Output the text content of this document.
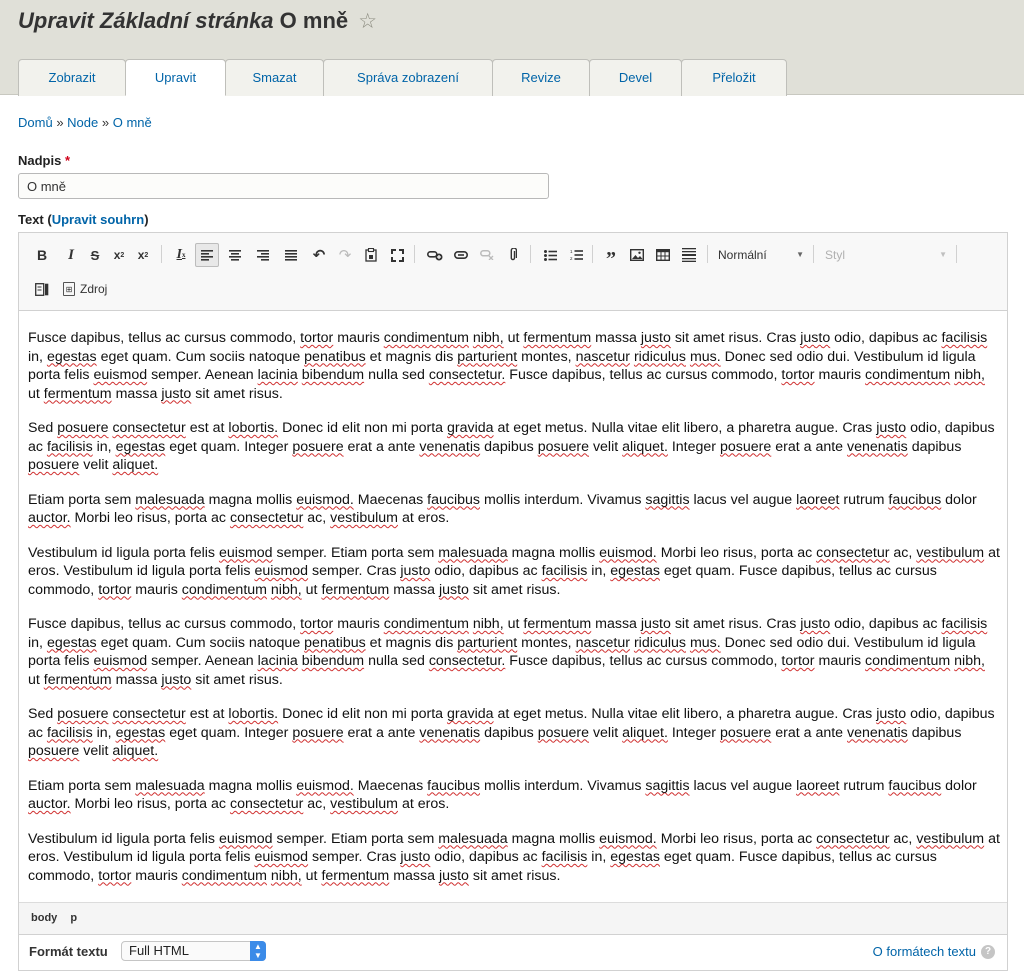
Upravit Základní stránka O mně ☆
Zobrazit	Upravit	Smazat	Správa zobrazení	Revize	Devel	Přeložit
Domů » Node » O mně
Nadpis *
O mně
Text (Upravit souhrn)
B	I	S	x 2	x 2	I x	↶ ↷	1
2 ”	Normální	▼	Styl	▼
⊞ Zdroj

Fusce dapibus, tellus ac cursus commodo, tortor mauris condimentum nibh, ut fermentum massa justo sit amet risus. Cras justo odio, dapibus ac facilisis in, egestas eget quam. Cum sociis natoque penatibus et magnis dis parturient montes, nascetur ridiculus mus. Donec sed odio dui. Vestibulum id ligula porta felis euismod semper. Aenean lacinia bibendum nulla sed consectetur. Fusce dapibus, tellus ac cursus commodo, tortor mauris condimentum nibh, ut fermentum massa justo sit amet risus.

Sed posuere consectetur est at lobortis. Donec id elit non mi porta gravida at eget metus. Nulla vitae elit libero, a pharetra augue. Cras justo odio, dapibus ac facilisis in, egestas eget quam. Integer posuere erat a ante venenatis dapibus posuere velit aliquet. Integer posuere erat a ante venenatis dapibus posuere velit aliquet.

Etiam porta sem malesuada magna mollis euismod. Maecenas faucibus mollis interdum. Vivamus sagittis lacus vel augue laoreet rutrum faucibus dolor auctor. Morbi leo risus, porta ac consectetur ac, vestibulum at eros.

Vestibulum id ligula porta felis euismod semper. Etiam porta sem malesuada magna mollis euismod. Morbi leo risus, porta ac consectetur ac, vestibulum at eros. Vestibulum id ligula porta felis euismod semper. Cras justo odio, dapibus ac facilisis in, egestas eget quam. Fusce dapibus, tellus ac cursus commodo, tortor mauris condimentum nibh, ut fermentum massa justo sit amet risus.

Fusce dapibus, tellus ac cursus commodo, tortor mauris condimentum nibh, ut fermentum massa justo sit amet risus. Cras justo odio, dapibus ac facilisis in, egestas eget quam. Cum sociis natoque penatibus et magnis dis parturient montes, nascetur ridiculus mus. Donec sed odio dui. Vestibulum id ligula porta felis euismod semper. Aenean lacinia bibendum nulla sed consectetur. Fusce dapibus, tellus ac cursus commodo, tortor mauris condimentum nibh, ut fermentum massa justo sit amet risus.

Sed posuere consectetur est at lobortis. Donec id elit non mi porta gravida at eget metus. Nulla vitae elit libero, a pharetra augue. Cras justo odio, dapibus ac facilisis in, egestas eget quam. Integer posuere erat a ante venenatis dapibus posuere velit aliquet. Integer posuere erat a ante venenatis dapibus posuere velit aliquet.

Etiam porta sem malesuada magna mollis euismod. Maecenas faucibus mollis interdum. Vivamus sagittis lacus vel augue laoreet rutrum faucibus dolor auctor. Morbi leo risus, porta ac consectetur ac, vestibulum at eros.

Vestibulum id ligula porta felis euismod semper. Etiam porta sem malesuada magna mollis euismod. Morbi leo risus, porta ac consectetur ac, vestibulum at eros. Vestibulum id ligula porta felis euismod semper. Cras justo odio, dapibus ac facilisis in, egestas eget quam. Fusce dapibus, tellus ac cursus commodo, tortor mauris condimentum nibh, ut fermentum massa justo sit amet risus.

body p
Formát textu	Full HTML	▲
▼	O formátech textu ?
